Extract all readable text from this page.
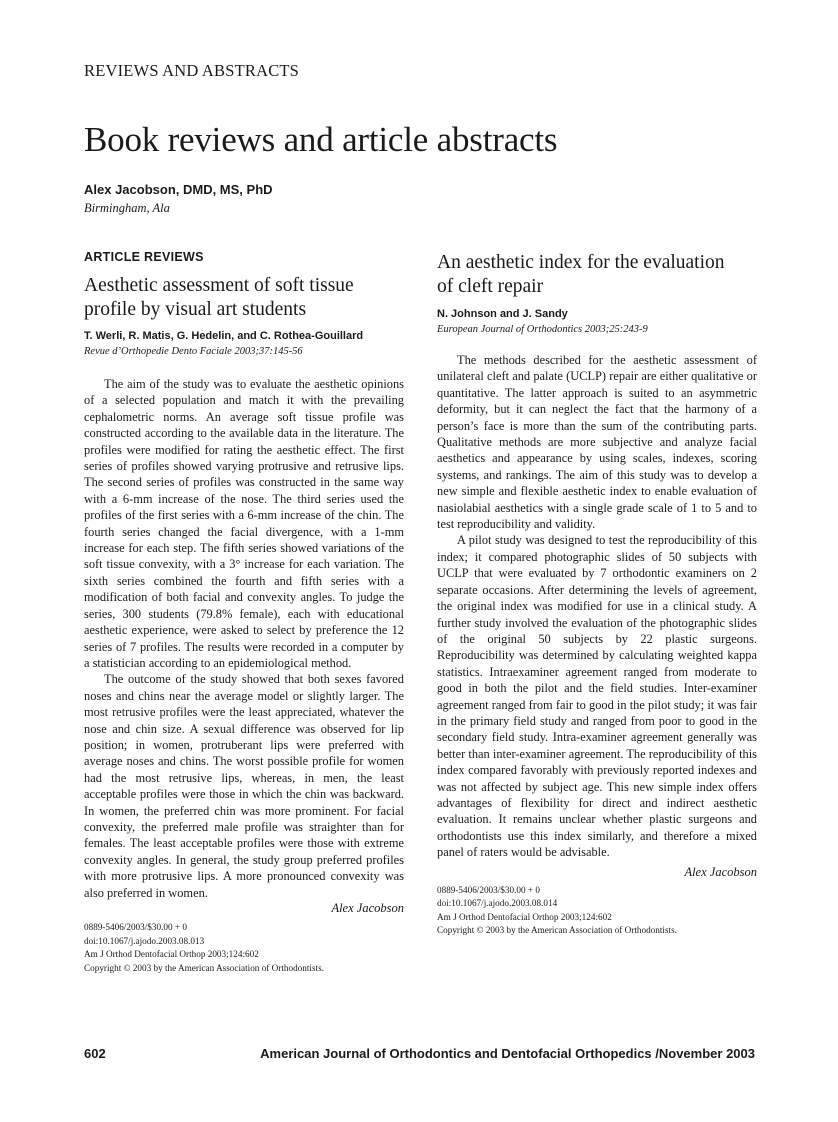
REVIEWS AND ABSTRACTS
Book reviews and article abstracts
Alex Jacobson, DMD, MS, PhD
Birmingham, Ala
ARTICLE REVIEWS
Aesthetic assessment of soft tissue
profile by visual art students
T. Werli, R. Matis, G. Hedelin, and C. Rothea-Gouillard
Revue d’Orthopedie Dento Faciale 2003;37:145-56

The aim of the study was to evaluate the aesthetic opinions of a selected population and match it with the prevailing cephalometric norms. An average soft tissue profile was constructed according to the available data in the literature. The profiles were modified for rating the aesthetic effect. The first series of profiles showed varying protrusive and retrusive lips. The second series of profiles was constructed in the same way with a 6-mm increase of the nose. The third series used the profiles of the first series with a 6-mm increase of the chin. The fourth series changed the facial divergence, with a 1-mm increase for each step. The fifth series showed variations of the soft tissue convexity, with a 3° increase for each variation. The sixth series combined the fourth and fifth series with a modification of both facial and convexity angles. To judge the series, 300 students (79.8% female), each with educational aesthetic experience, were asked to select by preference the 12 series of 7 profiles. The results were recorded in a computer by a statistician according to an epidemiological method.

The outcome of the study showed that both sexes favored noses and chins near the average model or slightly larger. The most retrusive profiles were the least appreciated, whatever the nose and chin size. A sexual difference was observed for lip position; in women, protruberant lips were preferred with average noses and chins. The worst possible profile for women had the most retrusive lips, whereas, in men, the least acceptable profiles were those in which the chin was backward. In women, the preferred chin was more prominent. For facial convexity, the preferred male profile was straighter than for females. The least acceptable profiles were those with extreme convexity angles. In general, the study group preferred profiles with more protrusive lips. A more pronounced convexity was also preferred in women.

Alex Jacobson
0889-5406/2003/$30.00 + 0
doi:10.1067/j.ajodo.2003.08.013
Am J Orthod Dentofacial Orthop 2003;124:602
Copyright © 2003 by the American Association of Orthodontists.
An aesthetic index for the evaluation
of cleft repair
N. Johnson and J. Sandy
European Journal of Orthodontics 2003;25:243-9

The methods described for the aesthetic assessment of unilateral cleft and palate (UCLP) repair are either qualitative or quantitative. The latter approach is suited to an asymmetric deformity, but it can neglect the fact that the harmony of a person’s face is more than the sum of the contributing parts. Qualitative methods are more subjective and analyze facial aesthetics and appearance by using scales, indexes, scoring systems, and rankings. The aim of this study was to develop a new simple and flexible aesthetic index to enable evaluation of nasiolabial aesthetics with a single grade scale of 1 to 5 and to test reproducibility and validity.

A pilot study was designed to test the reproducibility of this index; it compared photographic slides of 50 subjects with UCLP that were evaluated by 7 orthodontic examiners on 2 separate occasions. After determining the levels of agreement, the original index was modified for use in a clinical study. A further study involved the evaluation of the photographic slides of the original 50 subjects by 22 plastic surgeons. Reproducibility was determined by calculating weighted kappa statistics. Intraexaminer agreement ranged from moderate to good in both the pilot and the field studies. Inter-examiner agreement ranged from fair to good in the pilot study; it was fair in the primary field study and ranged from poor to good in the secondary field study. Intra-examiner agreement generally was better than inter-examiner agreement. The reproducibility of this index compared favorably with previously reported indexes and was not affected by subject age. This new simple index offers advantages of flexibility for direct and indirect aesthetic evaluation. It remains unclear whether plastic surgeons and orthodontists use this index similarly, and therefore a mixed panel of raters would be advisable.

Alex Jacobson
0889-5406/2003/$30.00 + 0
doi:10.1067/j.ajodo.2003.08.014
Am J Orthod Dentofacial Orthop 2003;124:602
Copyright © 2003 by the American Association of Orthodontists.
602	American Journal of Orthodontics and Dentofacial Orthopedics /November 2003
